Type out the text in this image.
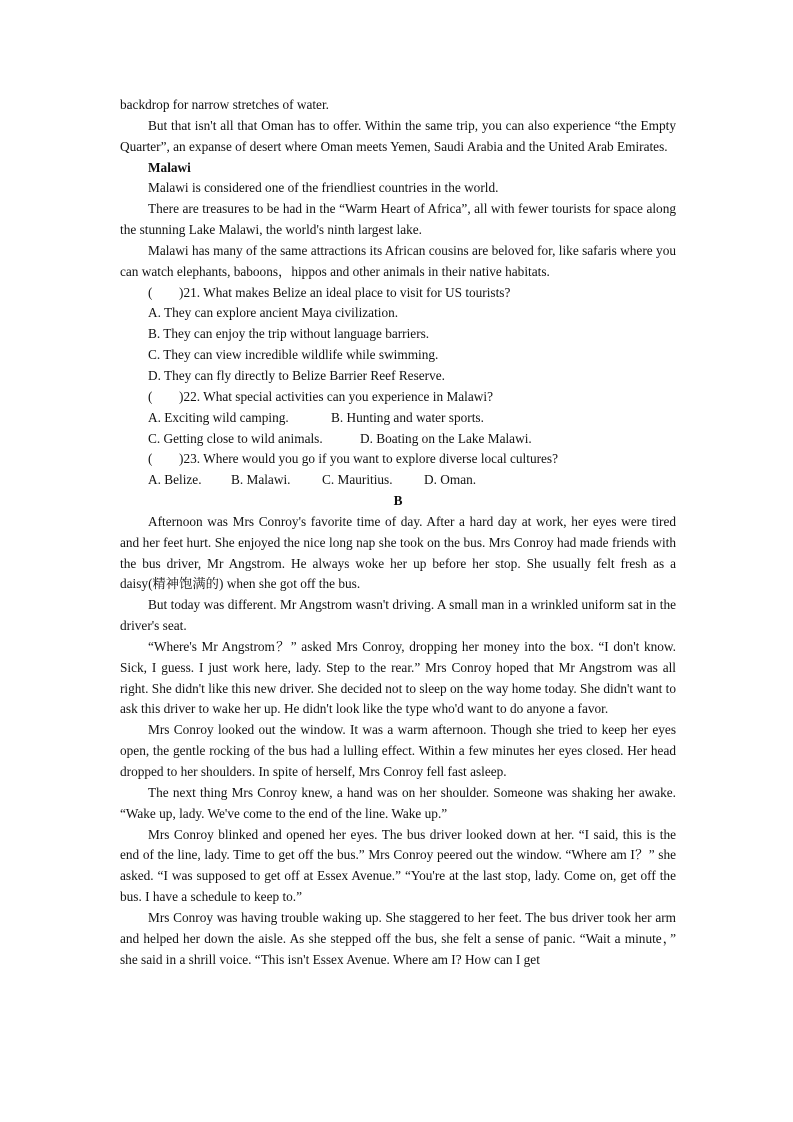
backdrop for narrow stretches of water.

But that isn't all that Oman has to offer. Within the same trip, you can also experience “the Empty Quarter”, an expanse of desert where Oman meets Yemen, Saudi Arabia and the United Arab Emirates.

Malawi

Malawi is considered one of the friendliest countries in the world.

There are treasures to be had in the “Warm Heart of Africa”, all with fewer tourists for space along the stunning Lake Malawi, the world's ninth largest lake.

Malawi has many of the same attractions its African cousins are beloved for, like safaris where you can watch elephants, baboons，hippos and other animals in their native habitats.

(  )21. What makes Belize an ideal place to visit for US tourists?

A. They can explore ancient Maya civilization.

B. They can enjoy the trip without language barriers.

C. They can view incredible wildlife while swimming.

D. They can fly directly to Belize Barrier Reef Reserve.

(  )22. What special activities can you experience in Malawi?

A. Exciting wild camping.	B. Hunting and water sports.

C. Getting close to wild animals.	D. Boating on the Lake Malawi.

(  )23. Where would you go if you want to explore diverse local cultures?

A. Belize. B. Malawi. C. Mauritius. D. Oman.

B

Afternoon was Mrs Conroy's favorite time of day. After a hard day at work, her eyes were tired and her feet hurt. She enjoyed the nice long nap she took on the bus. Mrs Conroy had made friends with the bus driver, Mr Angstrom. He always woke her up before her stop. She usually felt fresh as a daisy(精神饱满的) when she got off the bus.

But today was different. Mr Angstrom wasn't driving. A small man in a wrinkled uniform sat in the driver's seat.

“Where's Mr Angstrom？” asked Mrs Conroy, dropping her money into the box. “I don't know. Sick, I guess. I just work here, lady. Step to the rear.” Mrs Conroy hoped that Mr Angstrom was all right. She didn't like this new driver. She decided not to sleep on the way home today. She didn't want to ask this driver to wake her up. He didn't look like the type who'd want to do anyone a favor.

Mrs Conroy looked out the window. It was a warm afternoon. Though she tried to keep her eyes open, the gentle rocking of the bus had a lulling effect. Within a few minutes her eyes closed. Her head dropped to her shoulders. In spite of herself, Mrs Conroy fell fast asleep.

The next thing Mrs Conroy knew, a hand was on her shoulder. Someone was shaking her awake. “Wake up, lady. We've come to the end of the line. Wake up.”

Mrs Conroy blinked and opened her eyes. The bus driver looked down at her. “I said, this is the end of the line, lady. Time to get off the bus.” Mrs Conroy peered out the window. “Where am I？” she asked. “I was supposed to get off at Essex Avenue.” “You're at the last stop, lady. Come on, get off the bus. I have a schedule to keep to.”

Mrs Conroy was having trouble waking up. She staggered to her feet. The bus driver took her arm and helped her down the aisle. As she stepped off the bus, she felt a sense of panic. “Wait a minute，” she said in a shrill voice. “This isn't Essex Avenue. Where am I? How can I get
